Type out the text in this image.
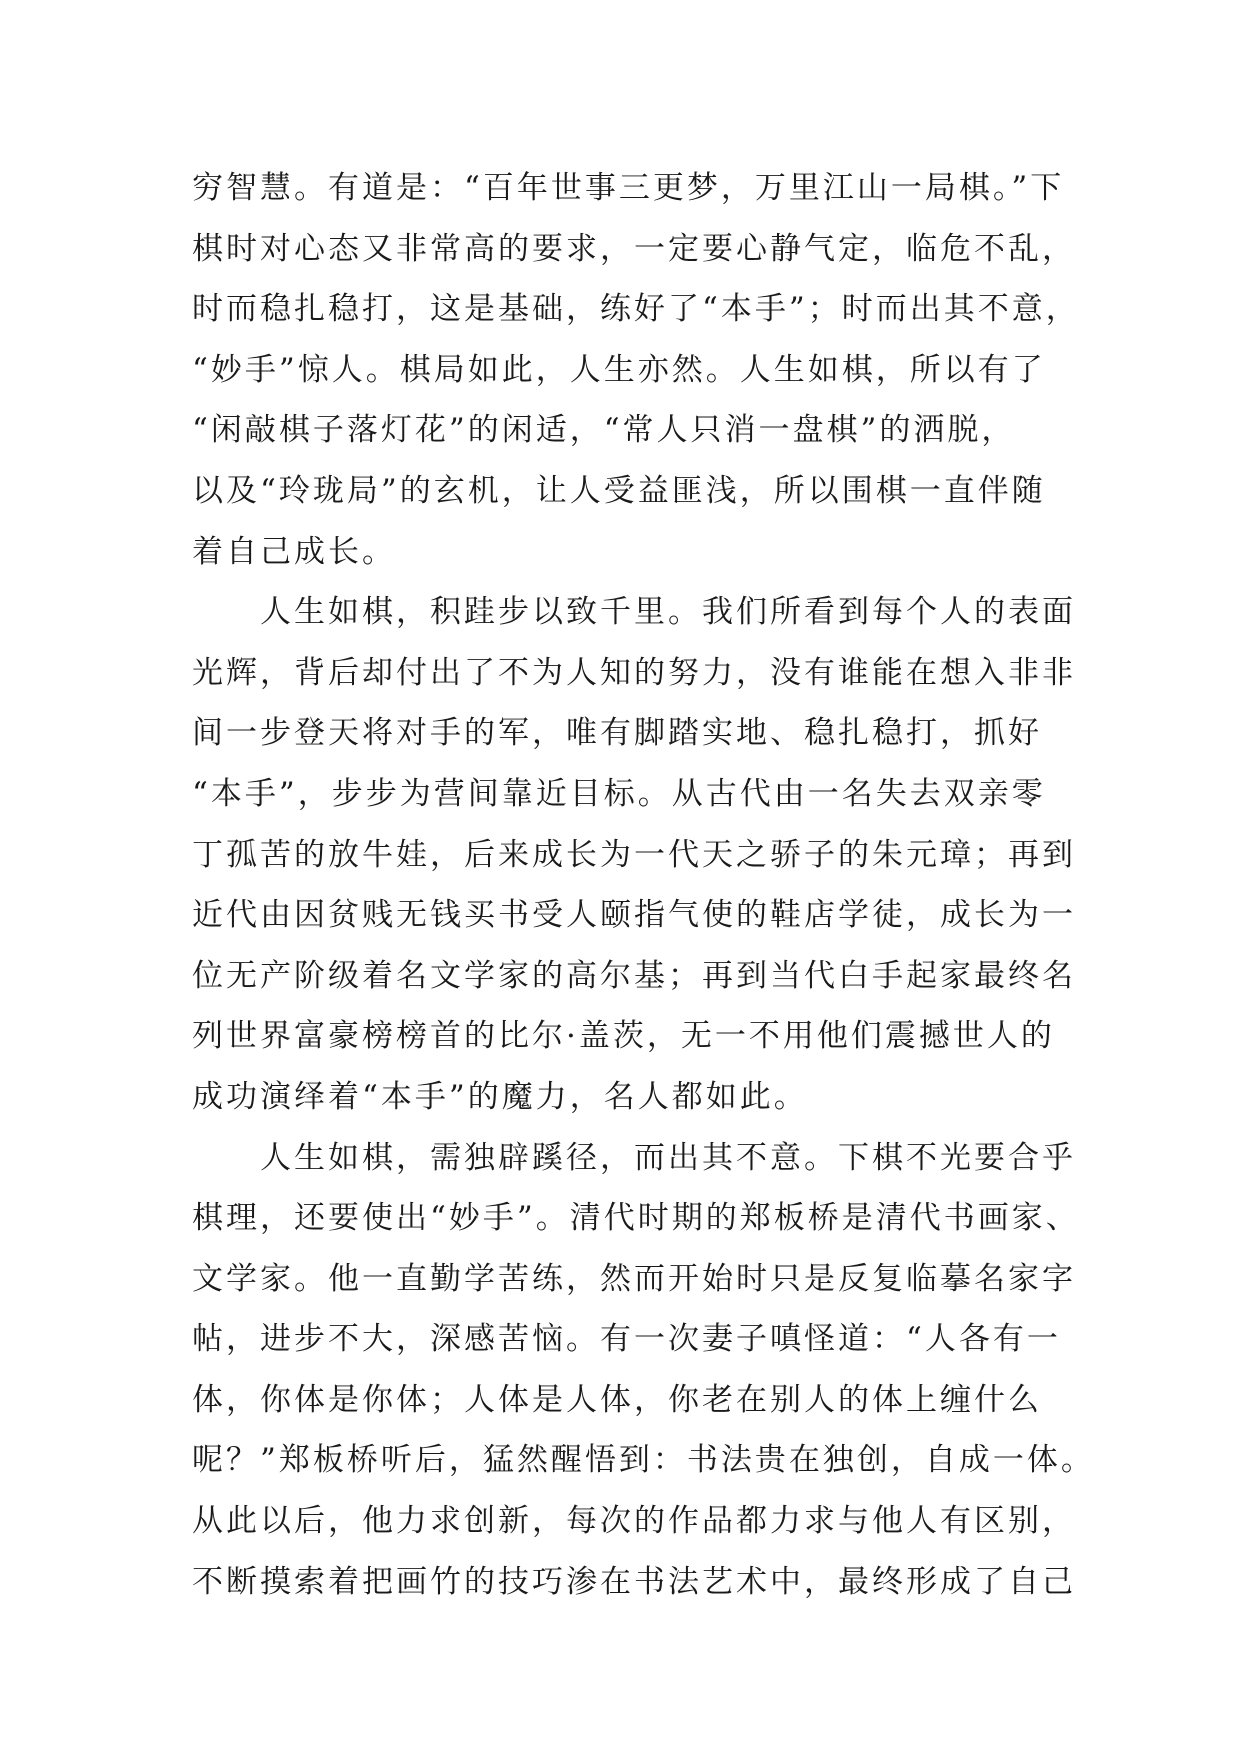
穷智慧。有道是：“百年世事三更梦，万里江山一局棋。”下
棋时对心态又非常高的要求，一定要心静气定，临危不乱，
时而稳扎稳打，这是基础，练好了“本手”；时而出其不意，
“妙手”惊人。棋局如此，人生亦然。人生如棋，所以有了
“闲敲棋子落灯花”的闲适，“常人只消一盘棋”的洒脱，
以及“玲珑局”的玄机，让人受益匪浅，所以围棋一直伴随
着自己成长。
　　人生如棋，积跬步以致千里。我们所看到每个人的表面
光辉，背后却付出了不为人知的努力，没有谁能在想入非非
间一步登天将对手的军，唯有脚踏实地、稳扎稳打，抓好
“本手”，步步为营间靠近目标。从古代由一名失去双亲零
丁孤苦的放牛娃，后来成长为一代天之骄子的朱元璋；再到
近代由因贫贱无钱买书受人颐指气使的鞋店学徒，成长为一
位无产阶级着名文学家的高尔基；再到当代白手起家最终名
列世界富豪榜榜首的比尔·盖茨，无一不用他们震撼世人的
成功演绎着“本手”的魔力，名人都如此。
　　人生如棋，需独辟蹊径，而出其不意。下棋不光要合乎
棋理，还要使出“妙手”。清代时期的郑板桥是清代书画家、
文学家。他一直勤学苦练，然而开始时只是反复临摹名家字
帖，进步不大，深感苦恼。有一次妻子嗔怪道：“人各有一
体，你体是你体；人体是人体，你老在别人的体上缠什么
呢？”郑板桥听后，猛然醒悟到：书法贵在独创，自成一体。
从此以后，他力求创新，每次的作品都力求与他人有区别，
不断摸索着把画竹的技巧渗在书法艺术中，最终形成了自己
